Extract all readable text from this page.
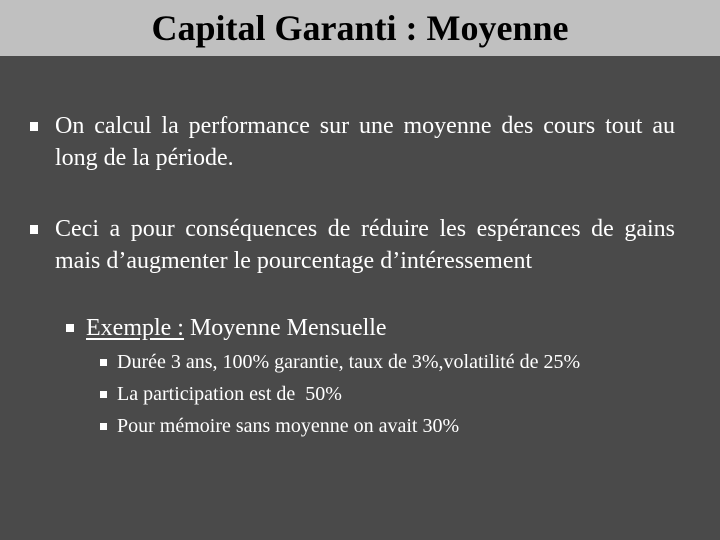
Capital Garanti : Moyenne
On calcul la performance sur une moyenne des cours tout au long de la période.
Ceci a pour conséquences de réduire les espérances de gains mais d’augmenter le pourcentage d’intéressement
Exemple : Moyenne Mensuelle
Durée 3 ans, 100% garantie, taux de 3%,volatilité de 25%
La participation est de  50%
Pour mémoire sans moyenne on avait 30%
